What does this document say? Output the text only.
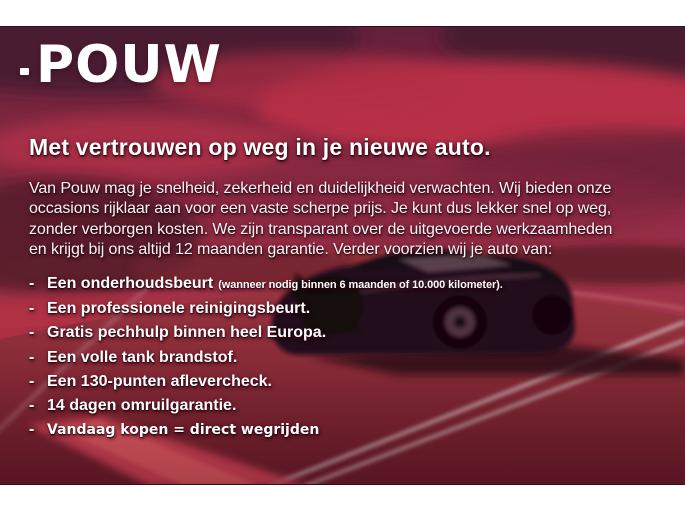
POUW
Met vertrouwen op weg in je nieuwe auto.
Van Pouw mag je snelheid, zekerheid en duidelijkheid verwachten. Wij bieden onze
occasions rijklaar aan voor een vaste scherpe prijs. Je kunt dus lekker snel op weg,
zonder verborgen kosten. We zijn transparant over de uitgevoerde werkzaamheden
en krijgt bij ons altijd 12 maanden garantie. Verder voorzien wij je auto van:
- Een onderhoudsbeurt (wanneer nodig binnen 6 maanden of 10.000 kilometer).
- Een professionele reinigingsbeurt.
- Gratis pechhulp binnen heel Europa.
- Een volle tank brandstof.
- Een 130-punten aflevercheck.
- 14 dagen omruilgarantie.
- Vandaag kopen = direct wegrijden
